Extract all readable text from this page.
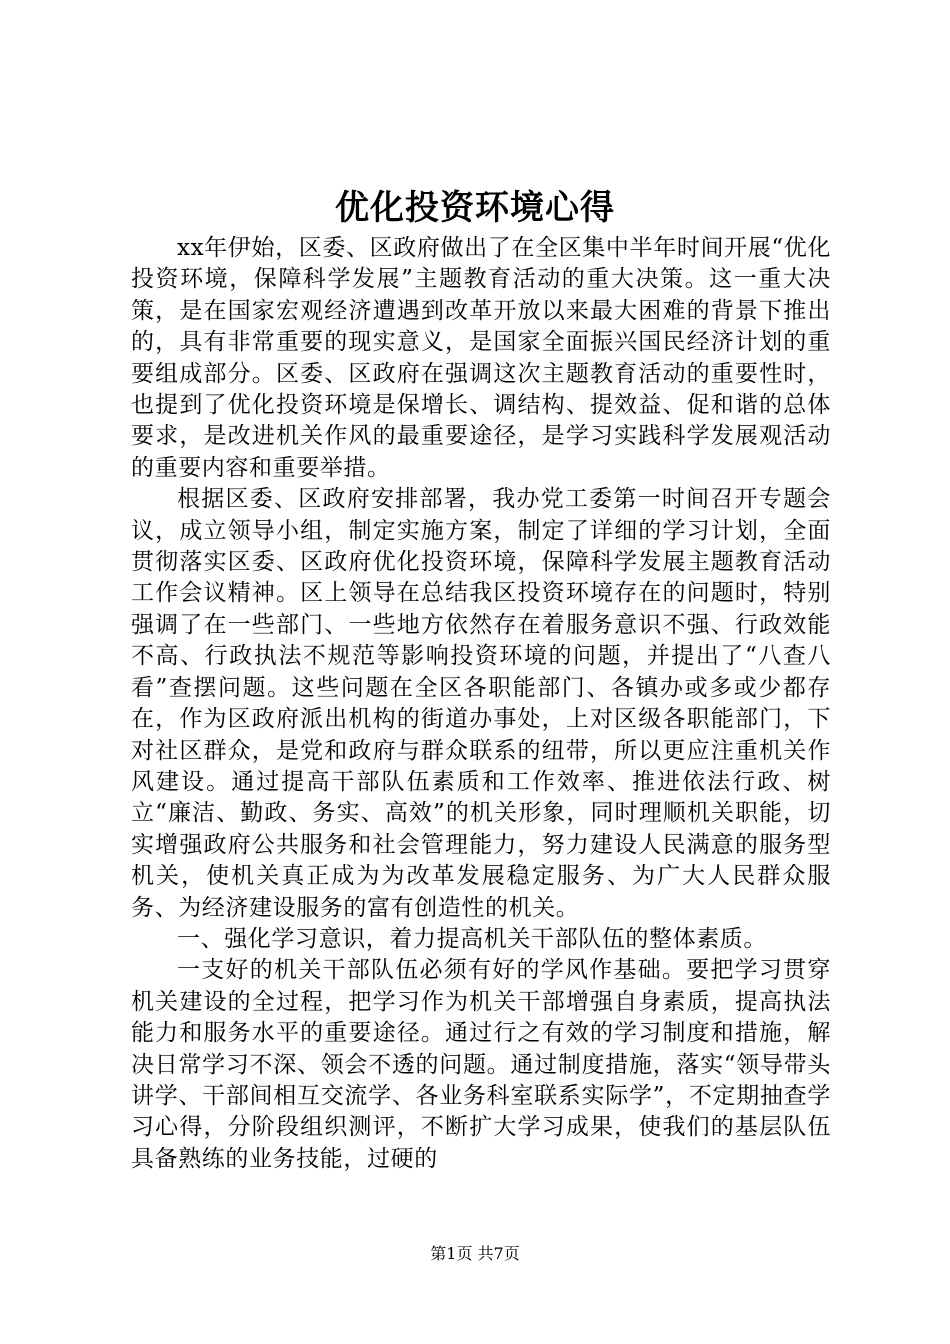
优化投资环境心得

xx年伊始，区委、区政府做出了在全区集中半年时间开展“优化投资环境，保障科学发展”主题教育活动的重大决策。这一重大决策，是在国家宏观经济遭遇到改革开放以来最大困难的背景下推出的，具有非常重要的现实意义，是国家全面振兴国民经济计划的重要组成部分。区委、区政府在强调这次主题教育活动的重要性时，也提到了优化投资环境是保增长、调结构、提效益、促和谐的总体要求，是改进机关作风的最重要途径，是学习实践科学发展观活动的重要内容和重要举措。

根据区委、区政府安排部署，我办党工委第一时间召开专题会议，成立领导小组，制定实施方案，制定了详细的学习计划，全面贯彻落实区委、区政府优化投资环境，保障科学发展主题教育活动工作会议精神。区上领导在总结我区投资环境存在的问题时，特别强调了在一些部门、一些地方依然存在着服务意识不强、行政效能不高、行政执法不规范等影响投资环境的问题，并提出了“八查八看”查摆问题。这些问题在全区各职能部门、各镇办或多或少都存在，作为区政府派出机构的街道办事处，上对区级各职能部门，下对社区群众，是党和政府与群众联系的纽带，所以更应注重机关作风建设。通过提高干部队伍素质和工作效率、推进依法行政、树立“廉洁、勤政、务实、高效”的机关形象，同时理顺机关职能，切实增强政府公共服务和社会管理能力，努力建设人民满意的服务型机关，使机关真正成为为改革发展稳定服务、为广大人民群众服务、为经济建设服务的富有创造性的机关。

一、强化学习意识，着力提高机关干部队伍的整体素质。

一支好的机关干部队伍必须有好的学风作基础。要把学习贯穿机关建设的全过程，把学习作为机关干部增强自身素质，提高执法能力和服务水平的重要途径。通过行之有效的学习制度和措施，解决日常学习不深、领会不透的问题。通过制度措施，落实“领导带头讲学、干部间相互交流学、各业务科室联系实际学”，不定期抽查学习心得，分阶段组织测评，不断扩大学习成果，使我们的基层队伍具备熟练的业务技能，过硬的

第1页 共7页
